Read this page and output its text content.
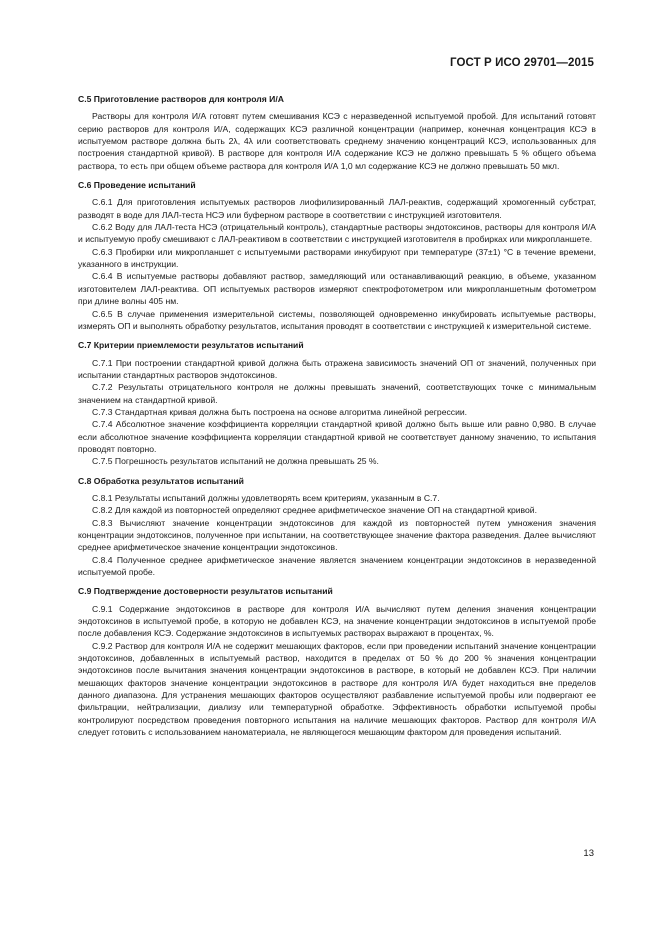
ГОСТ Р ИСО 29701—2015

С.5 Приготовление растворов для контроля И/А

Растворы для контроля И/А готовят путем смешивания КСЭ с неразведенной испытуемой пробой. Для испытаний готовят серию растворов для контроля И/А, содержащих КСЭ различной концентрации (например, конечная концентрация КСЭ в испытуемом растворе должна быть 2λ, 4λ или соответствовать среднему значению концентраций КСЭ, использованных для построения стандартной кривой). В растворе для контроля И/А содержание КСЭ не должно превышать 5 % общего объема раствора, то есть при общем объеме раствора для контроля И/А 1,0 мл содержание КСЭ не должно превышать 50 мкл.

С.6 Проведение испытаний

С.6.1 Для приготовления испытуемых растворов лиофилизированный ЛАЛ-реактив, содержащий хромогенный субстрат, разводят в воде для ЛАЛ-теста НСЭ или буферном растворе в соответствии с инструкцией изготовителя.

С.6.2 Воду для ЛАЛ-теста НСЭ (отрицательный контроль), стандартные растворы эндотоксинов, растворы для контроля И/А и испытуемую пробу смешивают с ЛАЛ-реактивом в соответствии с инструкцией изготовителя в пробирках или микропланшете.

С.6.3 Пробирки или микропланшет с испытуемыми растворами инкубируют при температуре (37±1) °С в течение времени, указанного в инструкции.

С.6.4 В испытуемые растворы добавляют раствор, замедляющий или останавливающий реакцию, в объеме, указанном изготовителем ЛАЛ-реактива. ОП испытуемых растворов измеряют спектрофотометром или микропланшетным фотометром при длине волны 405 нм.

С.6.5 В случае применения измерительной системы, позволяющей одновременно инкубировать испытуемые растворы, измерять ОП и выполнять обработку результатов, испытания проводят в соответствии с инструкцией к измерительной системе.

С.7 Критерии приемлемости результатов испытаний

С.7.1 При построении стандартной кривой должна быть отражена зависимость значений ОП от значений, полученных при испытании стандартных растворов эндотоксинов.

С.7.2 Результаты отрицательного контроля не должны превышать значений, соответствующих точке с минимальным значением на стандартной кривой.

С.7.3 Стандартная кривая должна быть построена на основе алгоритма линейной регрессии.

С.7.4 Абсолютное значение коэффициента корреляции стандартной кривой должно быть выше или равно 0,980. В случае если абсолютное значение коэффициента корреляции стандартной кривой не соответствует данному значению, то испытания проводят повторно.

С.7.5 Погрешность результатов испытаний не должна превышать 25 %.

С.8 Обработка результатов испытаний

С.8.1 Результаты испытаний должны удовлетворять всем критериям, указанным в С.7.

С.8.2 Для каждой из повторностей определяют среднее арифметическое значение ОП на стандартной кривой.

С.8.3 Вычисляют значение концентрации эндотоксинов для каждой из повторностей путем умножения значения концентрации эндотоксинов, полученное при испытании, на соответствующее значение фактора разведения. Далее вычисляют среднее арифметическое значение концентрации эндотоксинов.

С.8.4 Полученное среднее арифметическое значение является значением концентрации эндотоксинов в неразведенной испытуемой пробе.

С.9 Подтверждение достоверности результатов испытаний

С.9.1 Содержание эндотоксинов в растворе для контроля И/А вычисляют путем деления значения концентрации эндотоксинов в испытуемой пробе, в которую не добавлен КСЭ, на значение концентрации эндотоксинов в испытуемой пробе после добавления КСЭ. Содержание эндотоксинов в испытуемых растворах выражают в процентах, %.

С.9.2 Раствор для контроля И/А не содержит мешающих факторов, если при проведении испытаний значение концентрации эндотоксинов, добавленных в испытуемый раствор, находится в пределах от 50 % до 200 % значения концентрации эндотоксинов после вычитания значения концентрации эндотоксинов в растворе, в который не добавлен КСЭ. При наличии мешающих факторов значение концентрации эндотоксинов в растворе для контроля И/А будет находиться вне пределов данного диапазона. Для устранения мешающих факторов осуществляют разбавление испытуемой пробы или подвергают ее фильтрации, нейтрализации, диализу или температурной обработке. Эффективность обработки испытуемой пробы контролируют посредством проведения повторного испытания на наличие мешающих факторов. Раствор для контроля И/А следует готовить с использованием наноматериала, не являющегося мешающим фактором для проведения испытаний.

13
